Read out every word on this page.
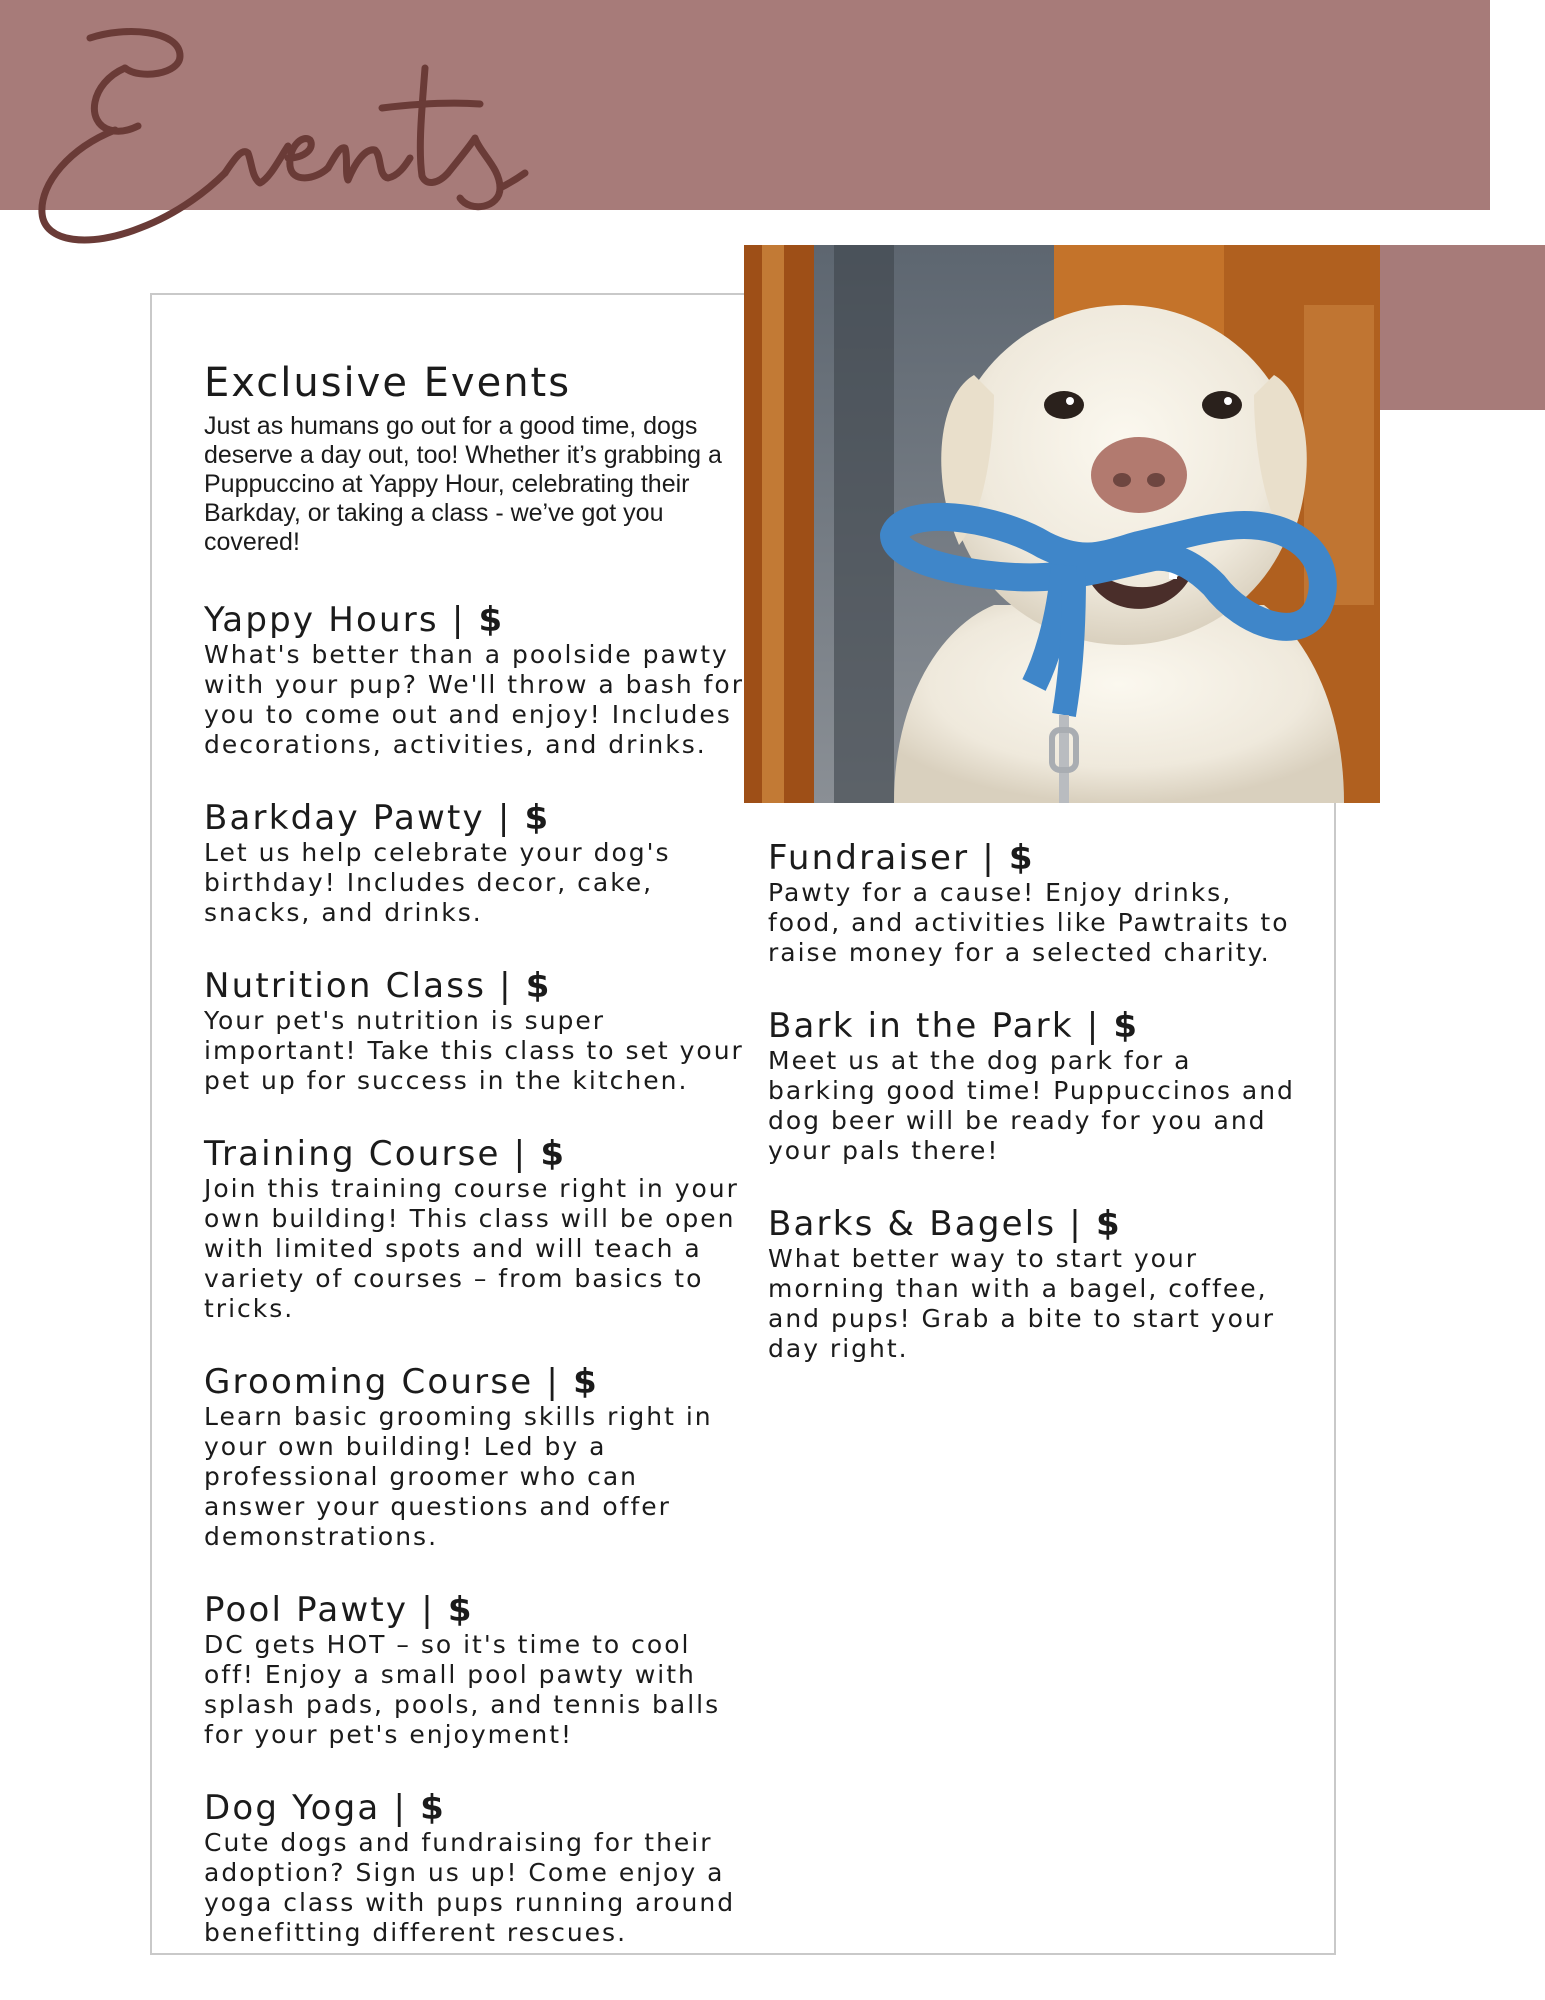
Events
Exclusive Events

Just as humans go out for a good time, dogs deserve a day out, too! Whether it’s grabbing a Puppuccino at Yappy Hour, celebrating their Barkday, or taking a class - we’ve got you covered!

Yappy Hours | $

What's better than a poolside pawty with your pup? We'll throw a bash for you to come out and enjoy! Includes decorations, activities, and drinks.

Barkday Pawty | $

Let us help celebrate your dog's birthday! Includes decor, cake, snacks, and drinks.

Nutrition Class | $

Your pet's nutrition is super important! Take this class to set your pet up for success in the kitchen.

Training Course | $

Join this training course right in your own building! This class will be open with limited spots and will teach a variety of courses – from basics to tricks.

Grooming Course | $

Learn basic grooming skills right in your own building! Led by a professional groomer who can answer your questions and offer demonstrations.

Pool Pawty | $

DC gets HOT – so it's time to cool off! Enjoy a small pool pawty with splash pads, pools, and tennis balls for your pet's enjoyment!

Dog Yoga | $

Cute dogs and fundraising for their adoption? Sign us up! Come enjoy a yoga class with pups running around benefitting different rescues.

Fundraiser | $

Pawty for a cause! Enjoy drinks, food, and activities like Pawtraits to raise money for a selected charity.

Bark in the Park | $

Meet us at the dog park for a barking good time! Puppuccinos and dog beer will be ready for you and your pals there!

Barks & Bagels | $

What better way to start your morning than with a bagel, coffee, and pups! Grab a bite to start your day right.
